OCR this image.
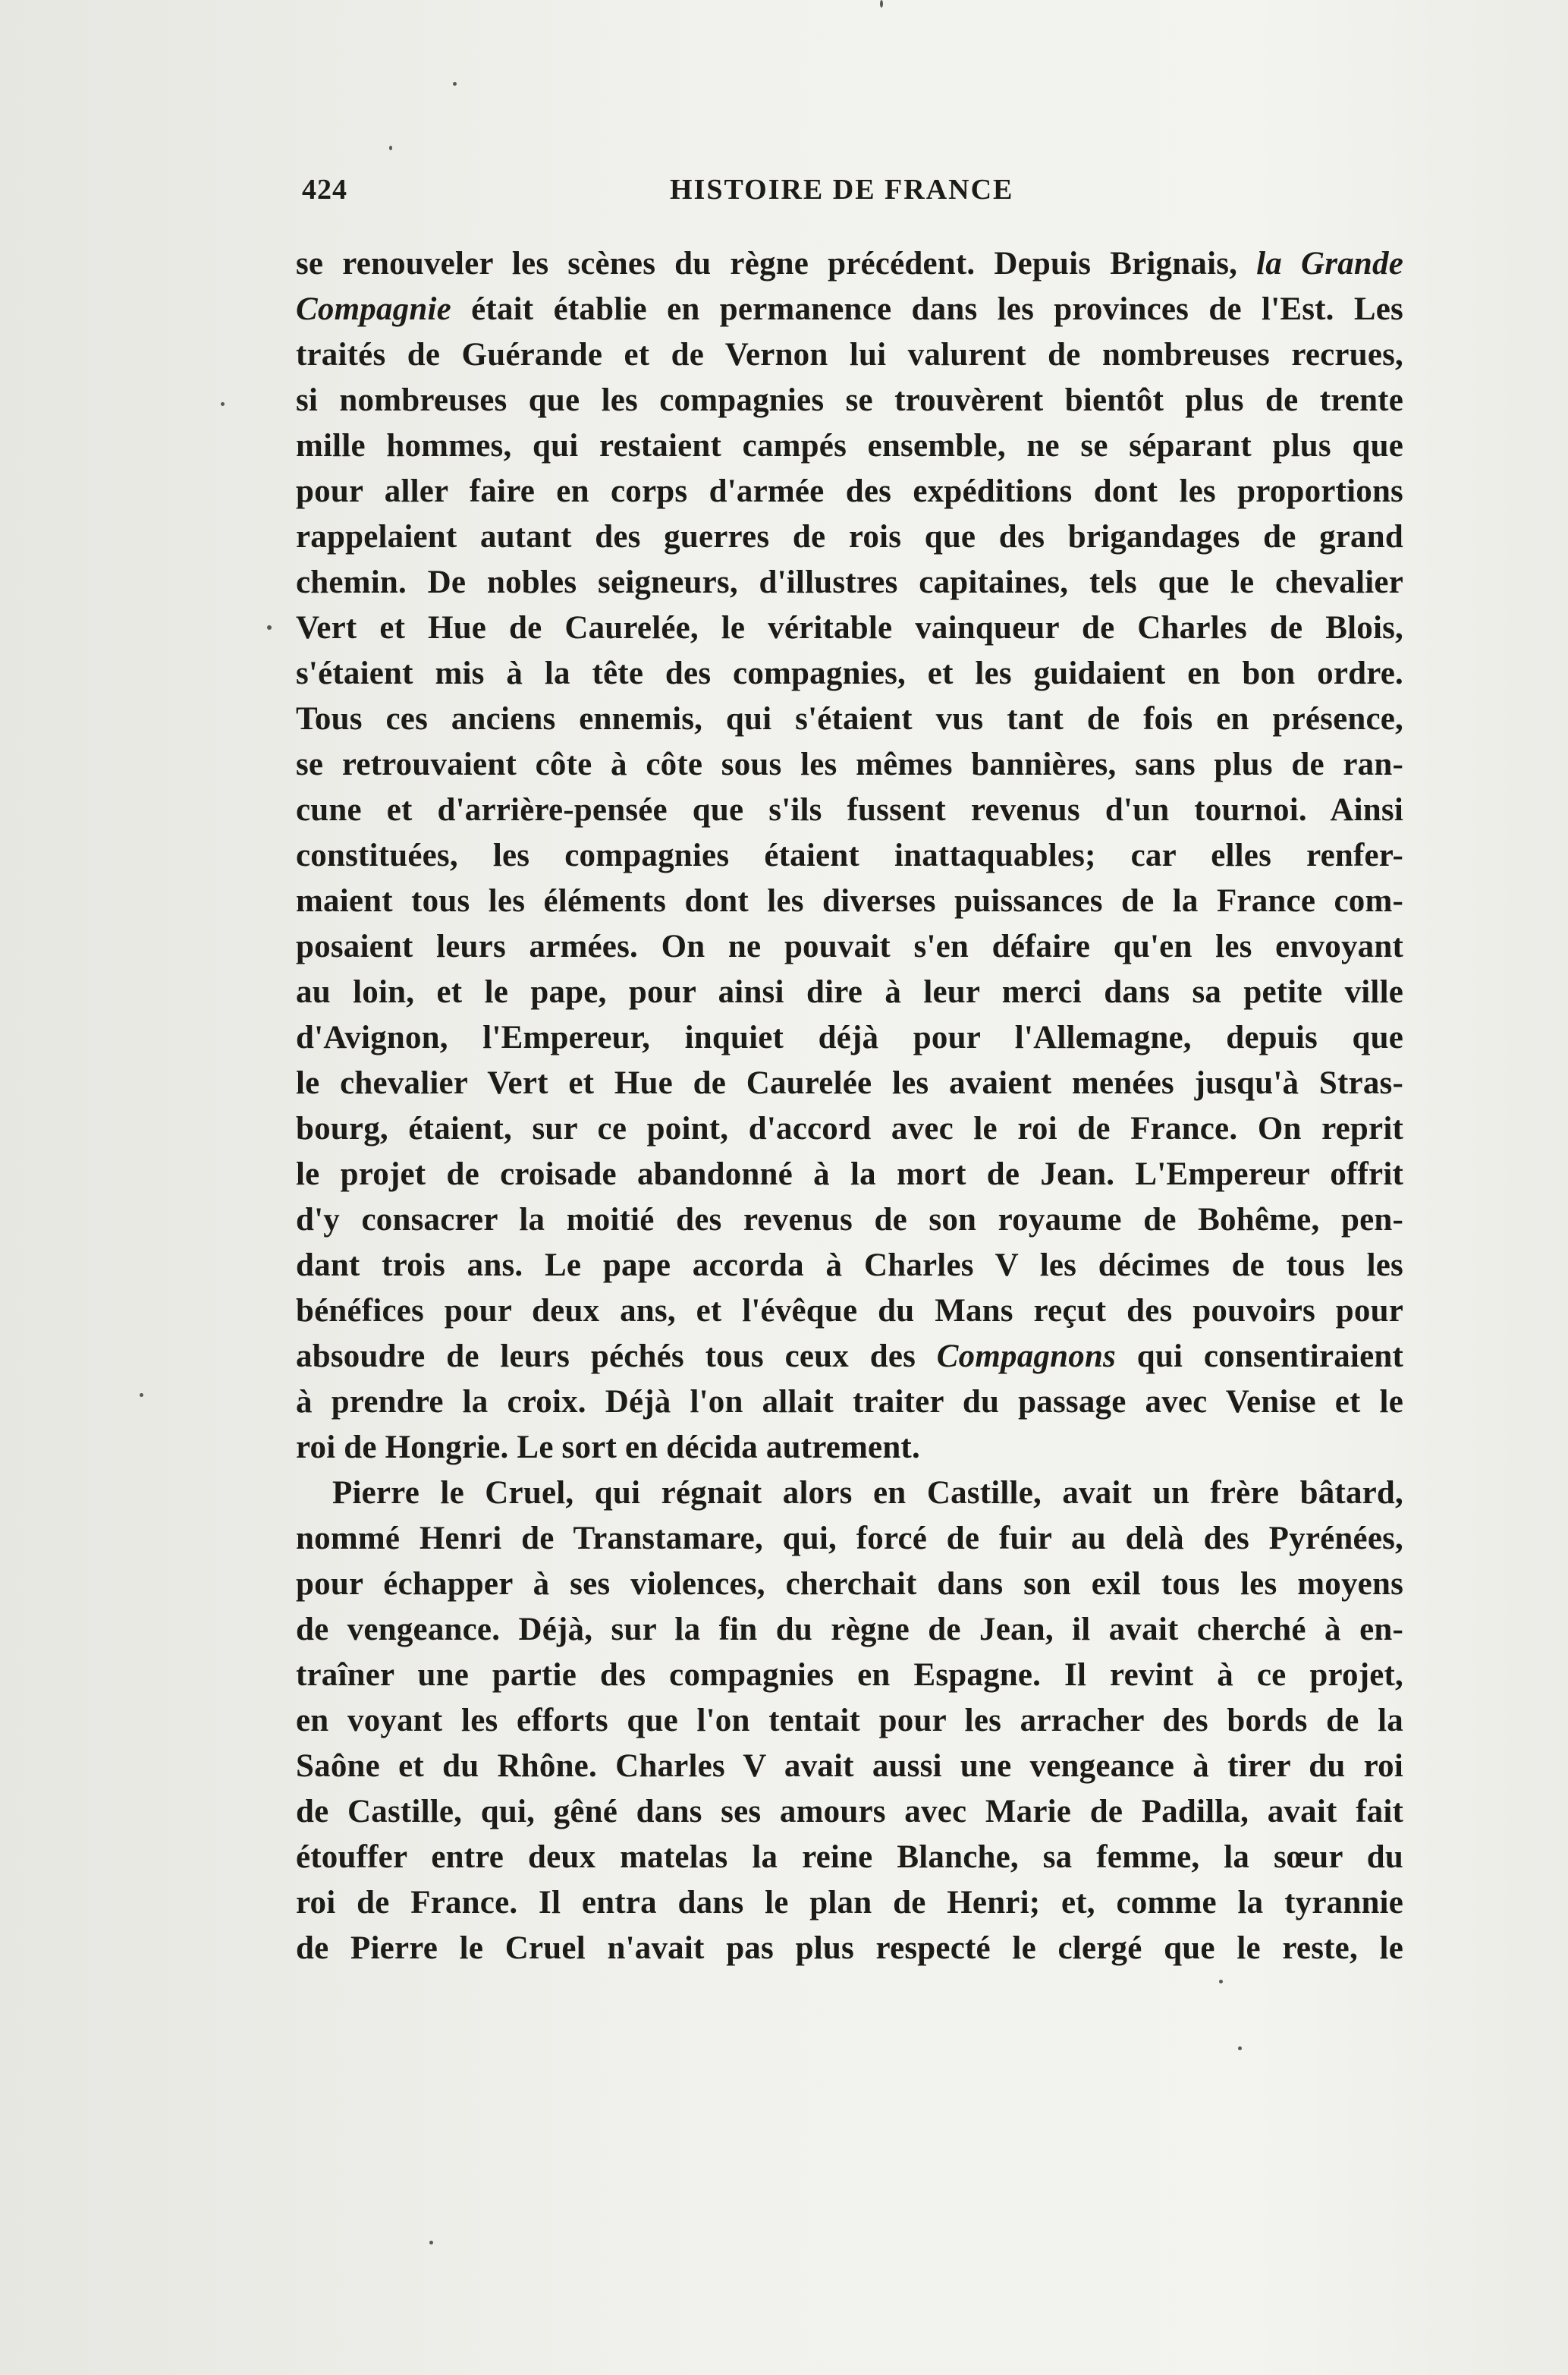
424	HISTOIRE DE FRANCE
se renouveler les scènes du règne précédent. Depuis Brignais, la Grande
Compagnie était établie en permanence dans les provinces de l'Est. Les
traités de Guérande et de Vernon lui valurent de nombreuses recrues,
si nombreuses que les compagnies se trouvèrent bientôt plus de trente
mille hommes, qui restaient campés ensemble, ne se séparant plus que
pour aller faire en corps d'armée des expéditions dont les proportions
rappelaient autant des guerres de rois que des brigandages de grand
chemin. De nobles seigneurs, d'illustres capitaines, tels que le chevalier
Vert et Hue de Caurelée, le véritable vainqueur de Charles de Blois,
s'étaient mis à la tête des compagnies, et les guidaient en bon ordre.
Tous ces anciens ennemis, qui s'étaient vus tant de fois en présence,
se retrouvaient côte à côte sous les mêmes bannières, sans plus de ran-
cune et d'arrière-pensée que s'ils fussent revenus d'un tournoi. Ainsi
constituées, les compagnies étaient inattaquables; car elles renfer-
maient tous les éléments dont les diverses puissances de la France com-
posaient leurs armées. On ne pouvait s'en défaire qu'en les envoyant
au loin, et le pape, pour ainsi dire à leur merci dans sa petite ville
d'Avignon, l'Empereur, inquiet déjà pour l'Allemagne, depuis que
le chevalier Vert et Hue de Caurelée les avaient menées jusqu'à Stras-
bourg, étaient, sur ce point, d'accord avec le roi de France. On reprit
le projet de croisade abandonné à la mort de Jean. L'Empereur offrit
d'y consacrer la moitié des revenus de son royaume de Bohême, pen-
dant trois ans. Le pape accorda à Charles V les décimes de tous les
bénéfices pour deux ans, et l'évêque du Mans reçut des pouvoirs pour
absoudre de leurs péchés tous ceux des Compagnons qui consentiraient
à prendre la croix. Déjà l'on allait traiter du passage avec Venise et le
roi de Hongrie. Le sort en décida autrement.
Pierre le Cruel, qui régnait alors en Castille, avait un frère bâtard,
nommé Henri de Transtamare, qui, forcé de fuir au delà des Pyrénées,
pour échapper à ses violences, cherchait dans son exil tous les moyens
de vengeance. Déjà, sur la fin du règne de Jean, il avait cherché à en-
traîner une partie des compagnies en Espagne. Il revint à ce projet,
en voyant les efforts que l'on tentait pour les arracher des bords de la
Saône et du Rhône. Charles V avait aussi une vengeance à tirer du roi
de Castille, qui, gêné dans ses amours avec Marie de Padilla, avait fait
étouffer entre deux matelas la reine Blanche, sa femme, la sœur du
roi de France. Il entra dans le plan de Henri; et, comme la tyrannie
de Pierre le Cruel n'avait pas plus respecté le clergé que le reste, le
